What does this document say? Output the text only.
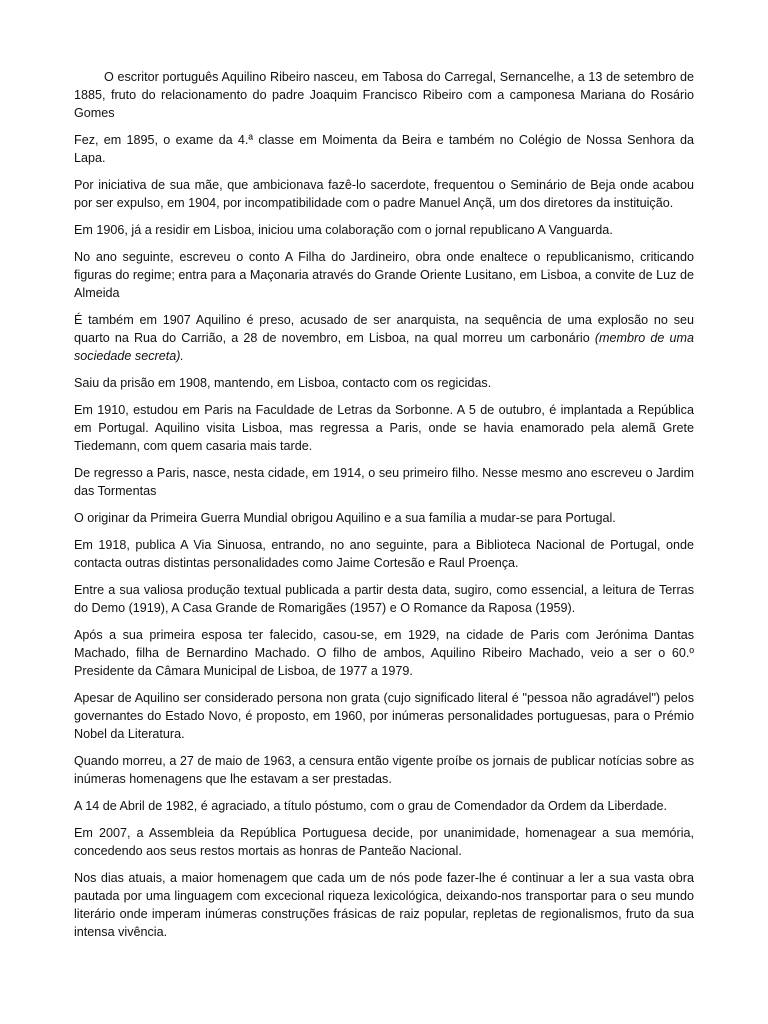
O escritor português Aquilino Ribeiro nasceu, em Tabosa do Carregal, Sernancelhe, a 13 de setembro de 1885, fruto do relacionamento do padre Joaquim Francisco Ribeiro com a camponesa Mariana do Rosário Gomes

Fez, em 1895, o exame da 4.ª classe em Moimenta da Beira e também no Colégio de Nossa Senhora da Lapa.

Por iniciativa de sua mãe, que ambicionava fazê-lo sacerdote, frequentou o Seminário de Beja onde acabou por ser expulso, em 1904, por incompatibilidade com o padre Manuel Ançã, um dos diretores da instituição.

Em 1906, já a residir em Lisboa, iniciou uma colaboração com o jornal republicano A Vanguarda.

No ano seguinte, escreveu o conto A Filha do Jardineiro, obra onde enaltece o republicanismo, criticando figuras do regime; entra para a Maçonaria através do Grande Oriente Lusitano, em Lisboa, a convite de Luz de Almeida

É também em 1907 Aquilino é preso, acusado de ser anarquista, na sequência de uma explosão no seu quarto na Rua do Carrião, a 28 de novembro, em Lisboa, na qual morreu um carbonário (membro de uma sociedade secreta).

Saiu da prisão em 1908, mantendo, em Lisboa, contacto com os regicidas.

Em 1910, estudou em Paris na Faculdade de Letras da Sorbonne. A 5 de outubro, é implantada a República em Portugal. Aquilino visita Lisboa, mas regressa a Paris, onde se havia enamorado pela alemã Grete Tiedemann, com quem casaria mais tarde.

De regresso a Paris, nasce, nesta cidade, em 1914, o seu primeiro filho. Nesse mesmo ano escreveu o Jardim das Tormentas

O originar da Primeira Guerra Mundial obrigou Aquilino e a sua família a mudar-se para Portugal.

Em 1918, publica A Via Sinuosa, entrando, no ano seguinte, para a Biblioteca Nacional de Portugal, onde contacta outras distintas personalidades como Jaime Cortesão e Raul Proença.

Entre a sua valiosa produção textual publicada a partir desta data, sugiro, como essencial, a leitura de Terras do Demo (1919), A Casa Grande de Romarigães (1957) e O Romance da Raposa (1959).

Após a sua primeira esposa ter falecido, casou-se, em 1929, na cidade de Paris com Jerónima Dantas Machado, filha de Bernardino Machado. O filho de ambos, Aquilino Ribeiro Machado, veio a ser o 60.º Presidente da Câmara Municipal de Lisboa, de 1977 a 1979.

Apesar de Aquilino ser considerado persona non grata (cujo significado literal é "pessoa não agradável") pelos governantes do Estado Novo, é proposto, em 1960, por inúmeras personalidades portuguesas, para o Prémio Nobel da Literatura.

Quando morreu, a 27 de maio de 1963, a censura então vigente proíbe os jornais de publicar notícias sobre as inúmeras homenagens que lhe estavam a ser prestadas.

A 14 de Abril de 1982, é agraciado, a título póstumo, com o grau de Comendador da Ordem da Liberdade.

Em 2007, a Assembleia da República Portuguesa decide, por unanimidade, homenagear a sua memória, concedendo aos seus restos mortais as honras de Panteão Nacional.

Nos dias atuais, a maior homenagem que cada um de nós pode fazer-lhe é continuar a ler a sua vasta obra pautada por uma linguagem com excecional riqueza lexicológica, deixando-nos transportar para o seu mundo literário onde imperam inúmeras construções frásicas de raiz popular, repletas de regionalismos, fruto da sua intensa vivência.
